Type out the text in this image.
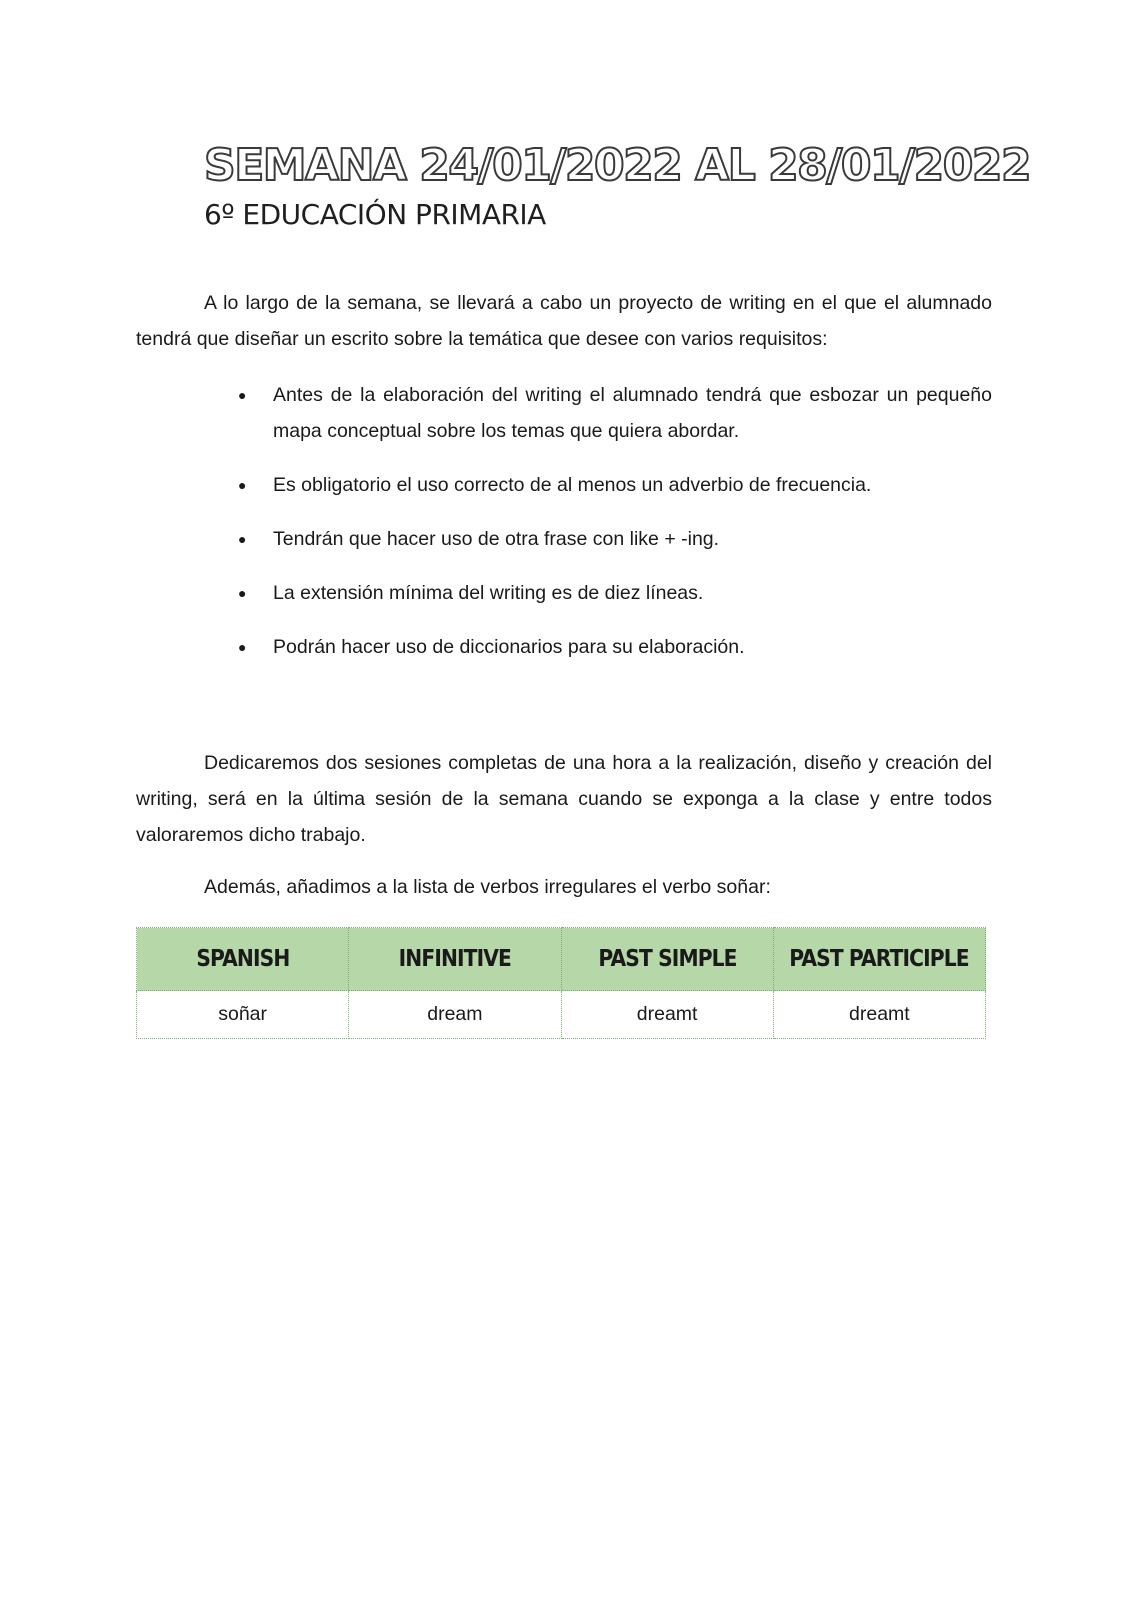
SEMANA 24/01/2022 AL 28/01/2022
6º EDUCACIÓN PRIMARIA

A lo largo de la semana, se llevará a cabo un proyecto de writing en el que el alumnado tendrá que diseñar un escrito sobre la temática que desee con varios requisitos:

● Antes de la elaboración del writing el alumnado tendrá que esbozar un pequeño mapa conceptual sobre los temas que quiera abordar.
● Es obligatorio el uso correcto de al menos un adverbio de frecuencia.
● Tendrán que hacer uso de otra frase con like + -ing.
● La extensión mínima del writing es de diez líneas.
● Podrán hacer uso de diccionarios para su elaboración.

Dedicaremos dos sesiones completas de una hora a la realización, diseño y creación del writing, será en la última sesión de la semana cuando se exponga a la clase y entre todos valoraremos dicho trabajo.

Además, añadimos a la lista de verbos irregulares el verbo soñar:

SPANISH	INFINITIVE	PAST SIMPLE	PAST PARTICIPLE
soñar	dream	dreamt	dreamt
